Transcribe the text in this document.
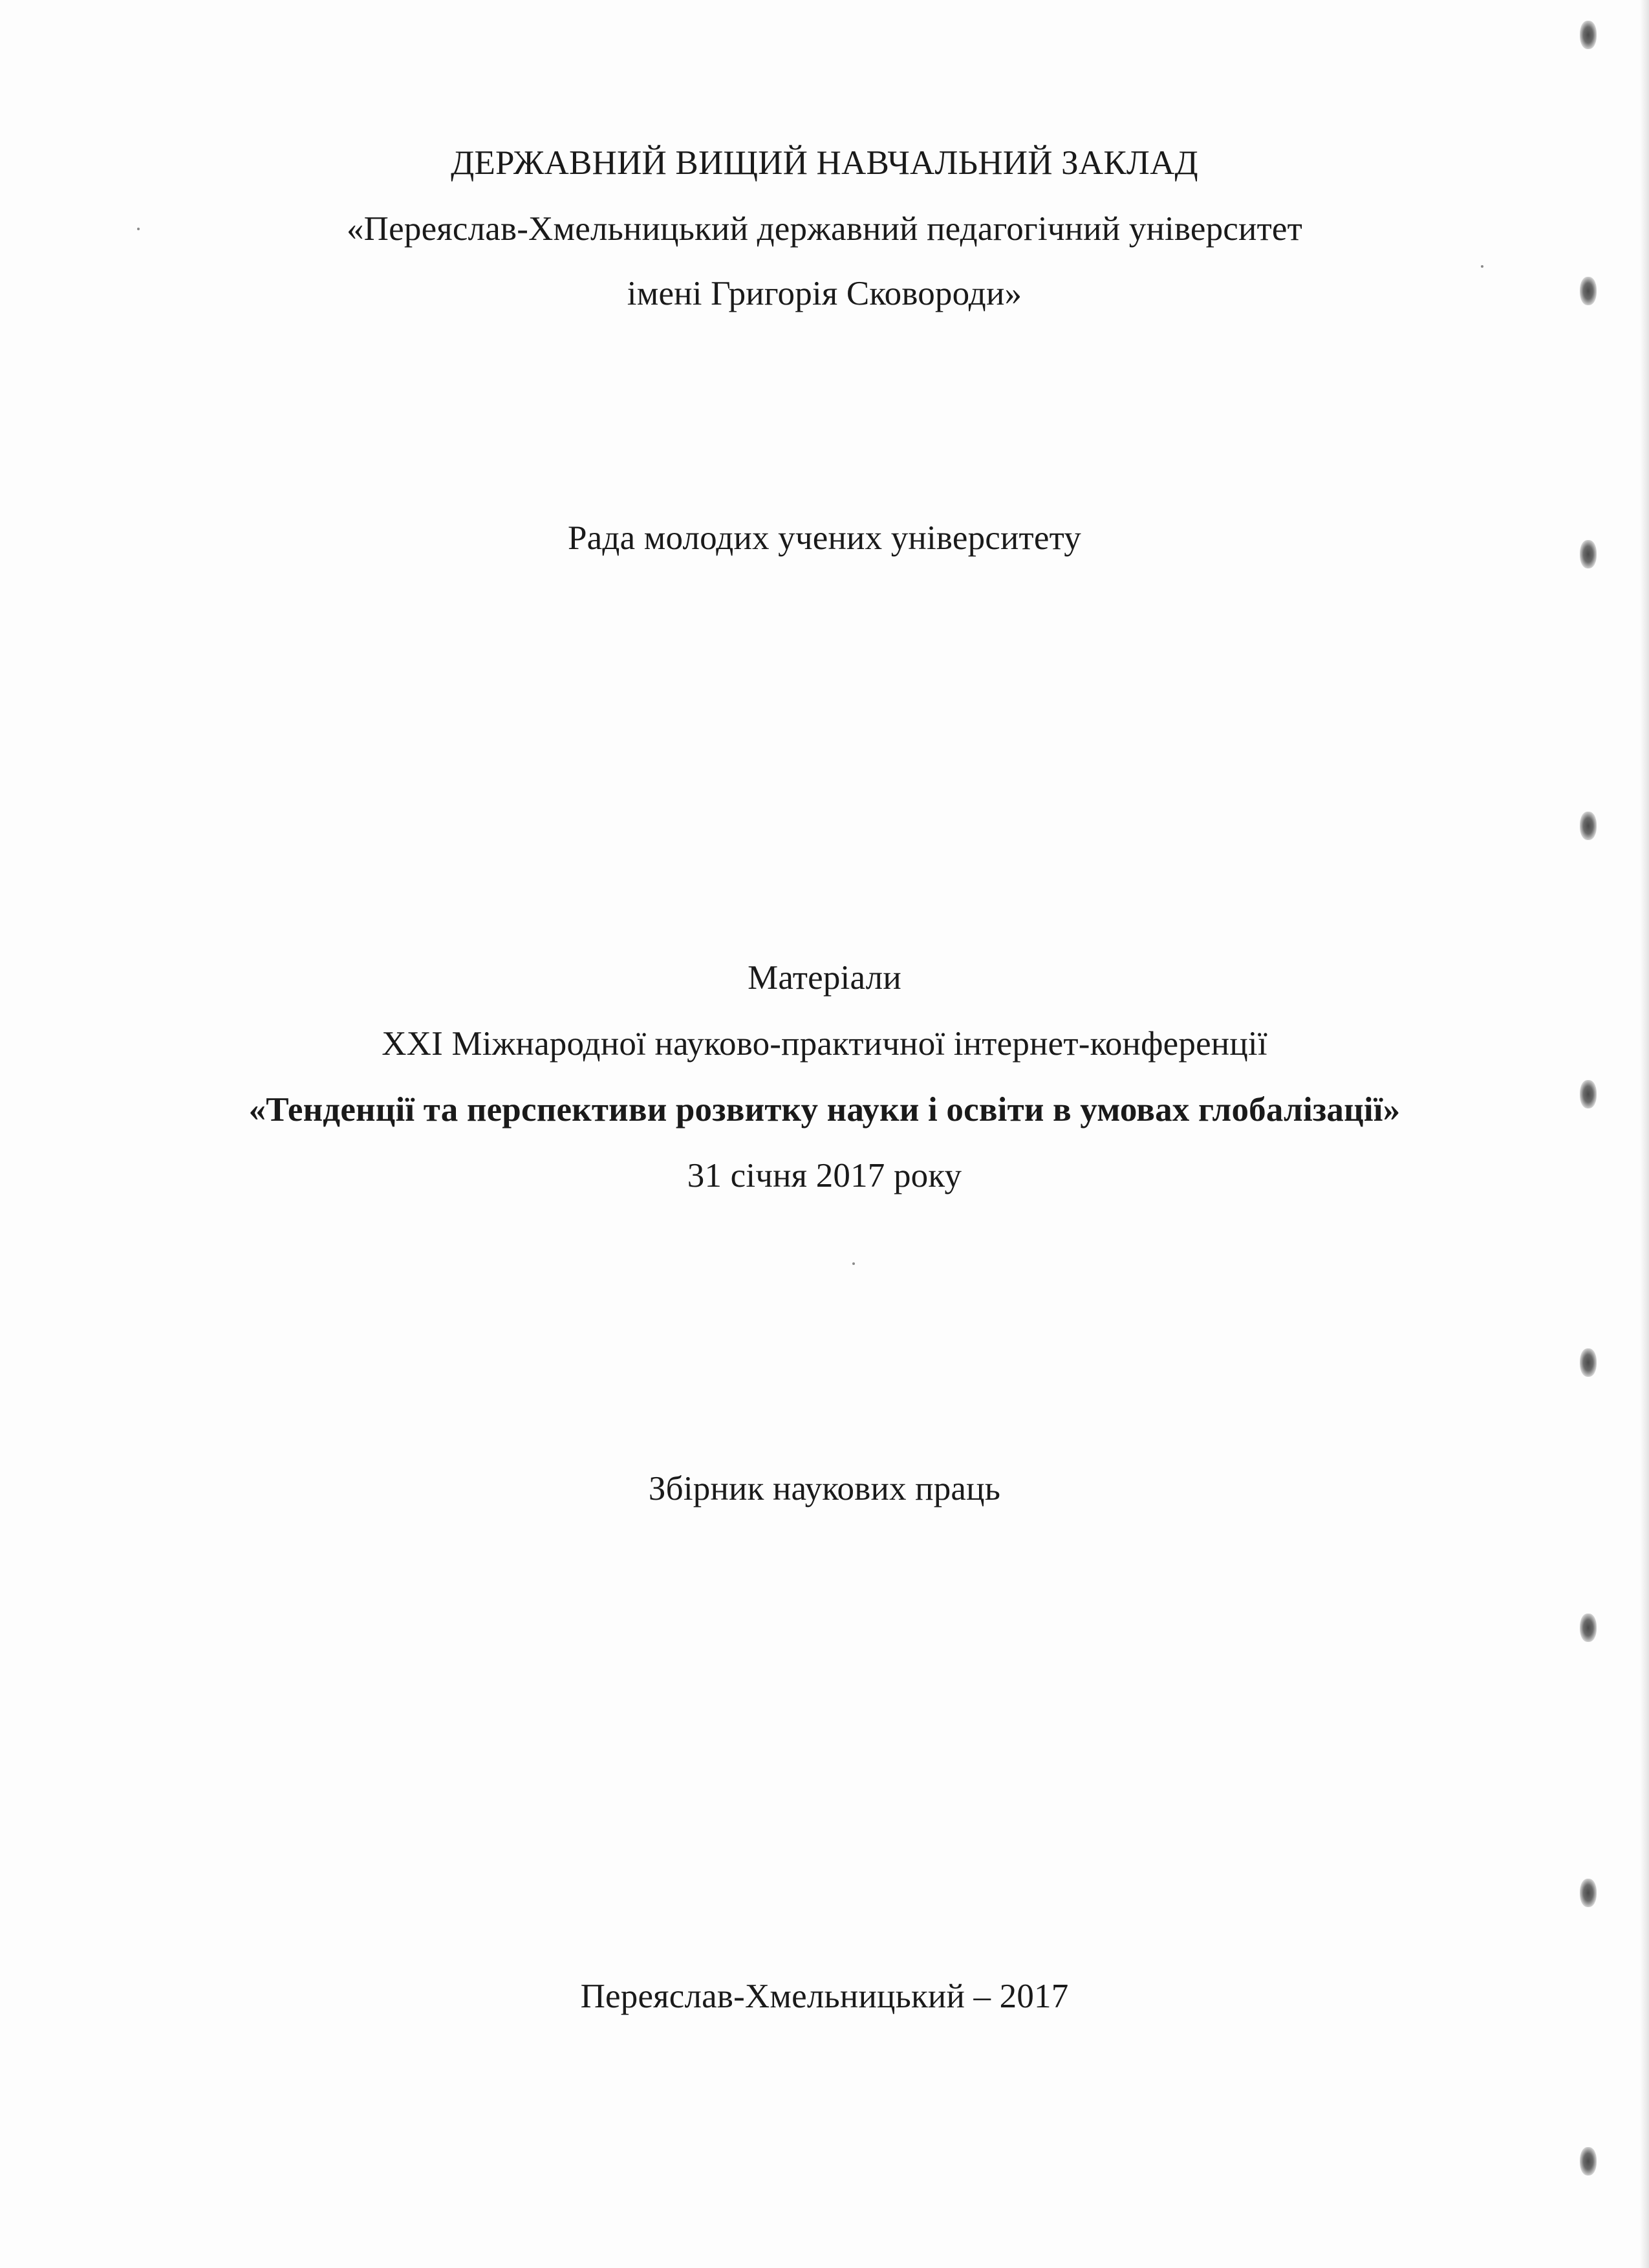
ДЕРЖАВНИЙ ВИЩИЙ НАВЧАЛЬНИЙ ЗАКЛАД
«Переяслав-Хмельницький державний педагогічний університет
імені Григорія Сковороди»
Рада молодих учених університету
Матеріали
XXI Міжнародної науково-практичної інтернет-конференції
«Тенденції та перспективи розвитку науки і освіти в умовах глобалізації»
31 січня 2017 року
Збірник наукових праць
Переяслав-Хмельницький – 2017
